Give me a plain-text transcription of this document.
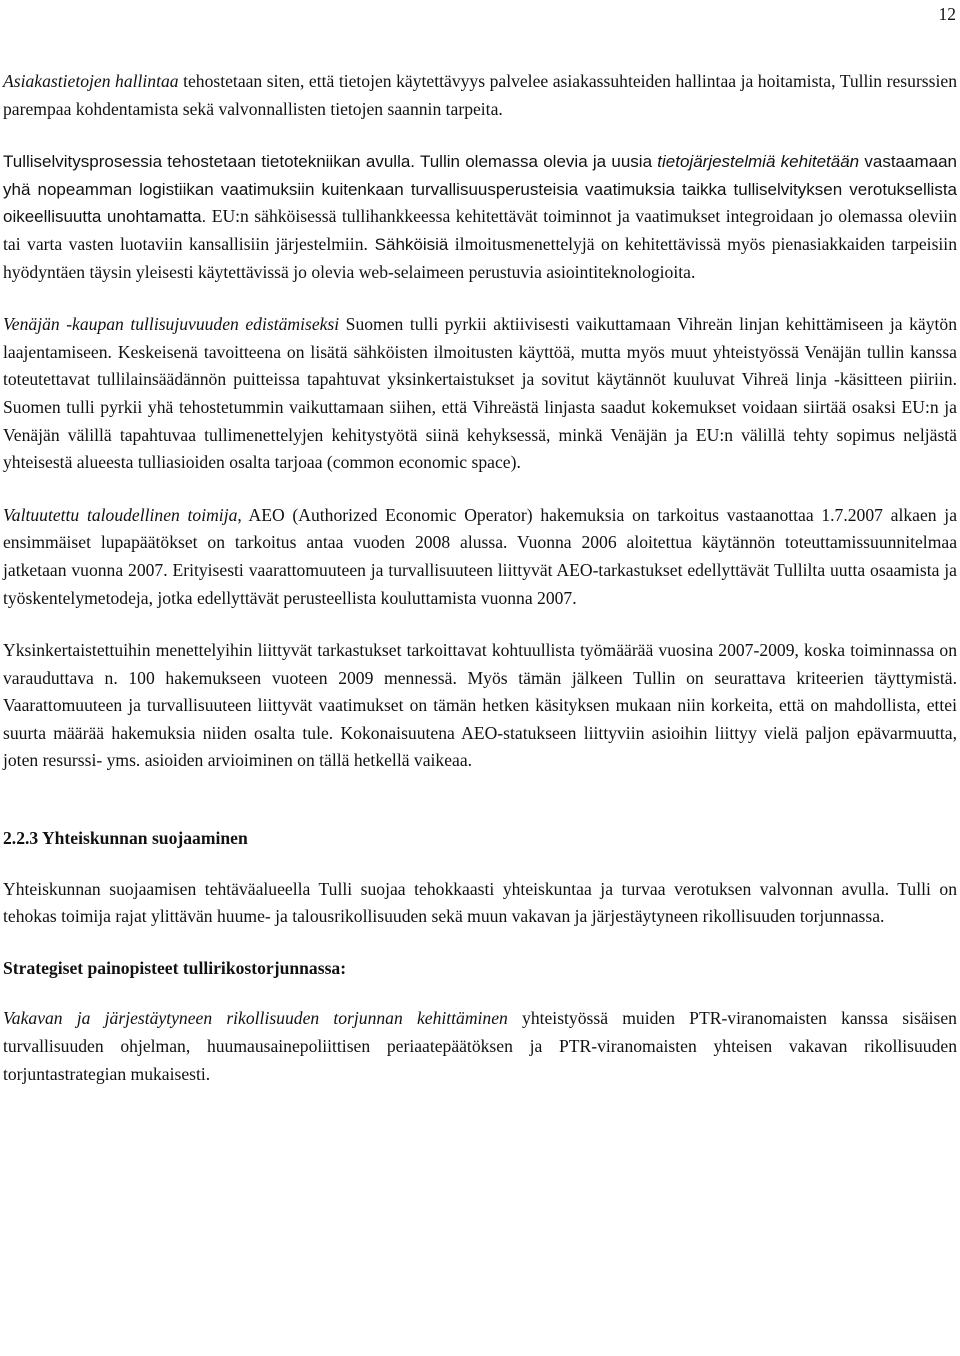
12

Asiakastietojen hallintaa tehostetaan siten, että tietojen käytettävyys palvelee asiakassuhteiden hallintaa ja hoitamista, Tullin resurssien parempaa kohdentamista sekä valvonnallisten tietojen saannin tarpeita.

Tulliselvitysprosessia tehostetaan tietotekniikan avulla. Tullin olemassa olevia ja uusia tietojärjestelmiä kehitetään vastaamaan yhä nopeamman logistiikan vaatimuksiin kuitenkaan turvallisuusperusteisia vaatimuksia taikka tulliselvityksen verotuksellista oikeellisuutta unohtamatta. EU:n sähköisessä tullihankkeessa kehitettävät toiminnot ja vaatimukset integroidaan jo olemassa oleviin tai varta vasten luotaviin kansallisiin järjestelmiin. Sähköisiä ilmoitusmenettelyjä on kehitettävissä myös pienasiakkaiden tarpeisiin hyödyntäen täysin yleisesti käytettävissä jo olevia web-selaimeen perustuvia asiointiteknologioita.

Venäjän -kaupan tullisujuvuuden edistämiseksi Suomen tulli pyrkii aktiivisesti vaikuttamaan Vihreän linjan kehittämiseen ja käytön laajentamiseen. Keskeisenä tavoitteena on lisätä sähköisten ilmoitusten käyttöä, mutta myös muut yhteistyössä Venäjän tullin kanssa toteutettavat tullilainsäädännön puitteissa tapahtuvat yksinkertaistukset ja sovitut käytännöt kuuluvat Vihreä linja -käsitteen piiriin. Suomen tulli pyrkii yhä tehostetummin vaikuttamaan siihen, että Vihreästä linjasta saadut kokemukset voidaan siirtää osaksi EU:n ja Venäjän välillä tapahtuvaa tullimenettelyjen kehitystyötä siinä kehyksessä, minkä Venäjän ja EU:n välillä tehty sopimus neljästä yhteisestä alueesta tulliasioiden osalta tarjoaa (common economic space).

Valtuutettu taloudellinen toimija, AEO (Authorized Economic Operator) hakemuksia on tarkoitus vastaanottaa 1.7.2007 alkaen ja ensimmäiset lupapäätökset on tarkoitus antaa vuoden 2008 alussa. Vuonna 2006 aloitettua käytännön toteuttamissuunnitelmaa jatketaan vuonna 2007. Erityisesti vaarattomuuteen ja turvallisuuteen liittyvät AEO-tarkastukset edellyttävät Tullilta uutta osaamista ja työskentelymetodeja, jotka edellyttävät perusteellista kouluttamista vuonna 2007.

Yksinkertaistettuihin menettelyihin liittyvät tarkastukset tarkoittavat kohtuullista työmäärää vuosina 2007-2009, koska toiminnassa on varauduttava n. 100 hakemukseen vuoteen 2009 mennessä. Myös tämän jälkeen Tullin on seurattava kriteerien täyttymistä. Vaarattomuuteen ja turvallisuuteen liittyvät vaatimukset on tämän hetken käsityksen mukaan niin korkeita, että on mahdollista, ettei suurta määrää hakemuksia niiden osalta tule. Kokonaisuutena AEO-statukseen liittyviin asioihin liittyy vielä paljon epävarmuutta, joten resurssi- yms. asioiden arvioiminen on tällä hetkellä vaikeaa.

2.2.3 Yhteiskunnan suojaaminen

Yhteiskunnan suojaamisen tehtäväalueella Tulli suojaa tehokkaasti yhteiskuntaa ja turvaa verotuksen valvonnan avulla. Tulli on tehokas toimija rajat ylittävän huume- ja talousrikollisuuden sekä muun vakavan ja järjestäytyneen rikollisuuden torjunnassa.

Strategiset painopisteet tullirikostorjunnassa:

Vakavan ja järjestäytyneen rikollisuuden torjunnan kehittäminen yhteistyössä muiden PTR-viranomaisten kanssa sisäisen turvallisuuden ohjelman, huumausainepoliittisen periaatepäätöksen ja PTR-viranomaisten yhteisen vakavan rikollisuuden torjuntastrategian mukaisesti.
